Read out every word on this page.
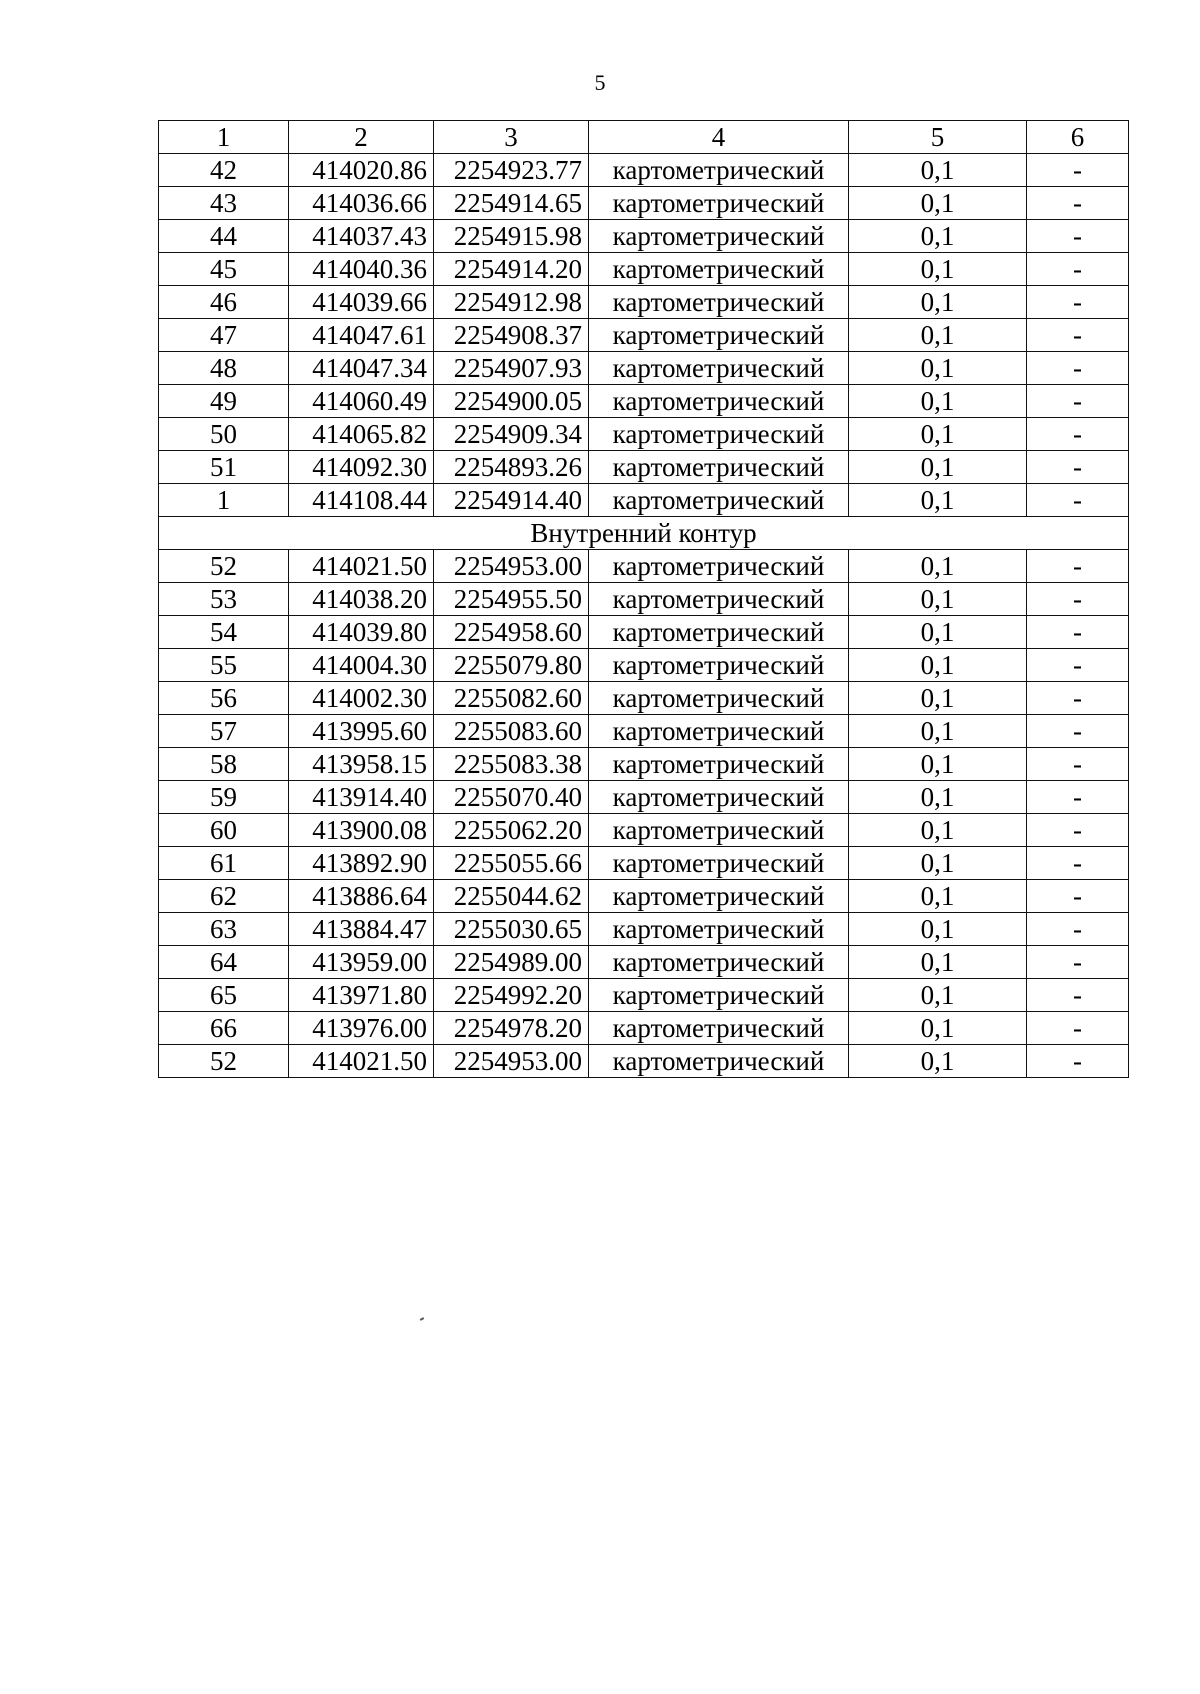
5
1	2	3	4	5	6
42	414020.86	2254923.77	картометрический	0,1	-
43	414036.66	2254914.65	картометрический	0,1	-
44	414037.43	2254915.98	картометрический	0,1	-
45	414040.36	2254914.20	картометрический	0,1	-
46	414039.66	2254912.98	картометрический	0,1	-
47	414047.61	2254908.37	картометрический	0,1	-
48	414047.34	2254907.93	картометрический	0,1	-
49	414060.49	2254900.05	картометрический	0,1	-
50	414065.82	2254909.34	картометрический	0,1	-
51	414092.30	2254893.26	картометрический	0,1	-
1	414108.44	2254914.40	картометрический	0,1	-
Внутренний контур					
52	414021.50	2254953.00	картометрический	0,1	-
53	414038.20	2254955.50	картометрический	0,1	-
54	414039.80	2254958.60	картометрический	0,1	-
55	414004.30	2255079.80	картометрический	0,1	-
56	414002.30	2255082.60	картометрический	0,1	-
57	413995.60	2255083.60	картометрический	0,1	-
58	413958.15	2255083.38	картометрический	0,1	-
59	413914.40	2255070.40	картометрический	0,1	-
60	413900.08	2255062.20	картометрический	0,1	-
61	413892.90	2255055.66	картометрический	0,1	-
62	413886.64	2255044.62	картометрический	0,1	-
63	413884.47	2255030.65	картометрический	0,1	-
64	413959.00	2254989.00	картометрический	0,1	-
65	413971.80	2254992.20	картометрический	0,1	-
66	413976.00	2254978.20	картометрический	0,1	-
52	414021.50	2254953.00	картометрический	0,1	-
